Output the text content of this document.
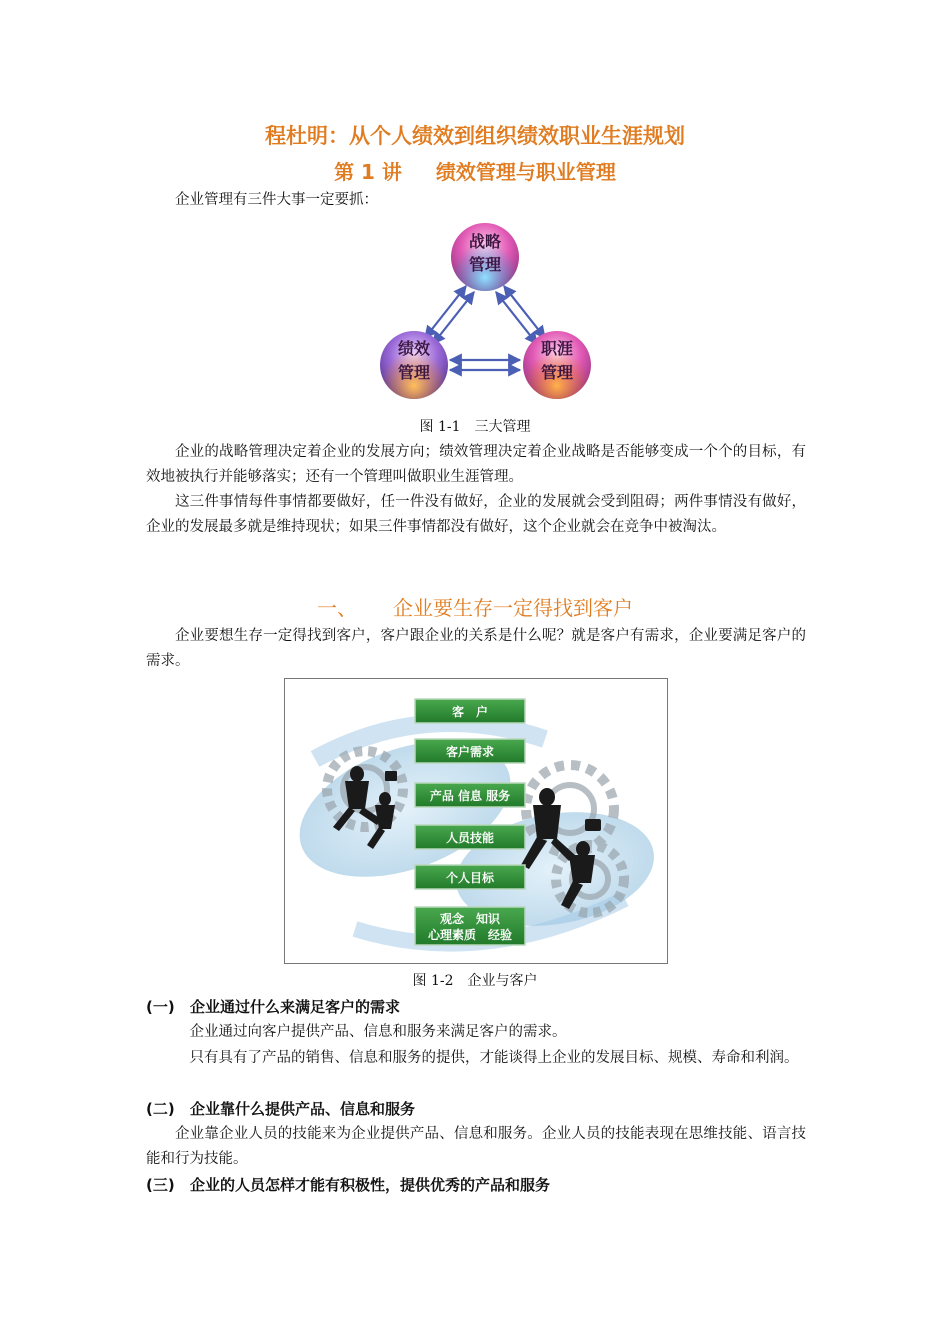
程杜明：从个人绩效到组织绩效职业生涯规划
第 1 讲 绩效管理与职业管理

企业管理有三件大事一定要抓：

战略
管理
绩效
管理
职涯
管理
图 1-1　三大管理

企业的战略管理决定着企业的发展方向；绩效管理决定着企业战略是否能够变成一个个的目标，有效地被执行并能够落实；还有一个管理叫做职业生涯管理。

这三件事情每件事情都要做好，任一件没有做好，企业的发展就会受到阻碍；两件事情没有做好，企业的发展最多就是维持现状；如果三件事情都没有做好，这个企业就会在竞争中被淘汰。

一、 企业要生存一定得找到客户

企业要想生存一定得找到客户，客户跟企业的关系是什么呢？就是客户有需求，企业要满足客户的需求。

客　户
客户需求
产品 信息 服务
人员技能
个人目标
观念　知识
心理素质　经验
图 1-2　企业与客户
(一) 企业通过什么来满足客户的需求

企业通过向客户提供产品、信息和服务来满足客户的需求。

只有具有了产品的销售、信息和服务的提供，才能谈得上企业的发展目标、规模、寿命和利润。

(二) 企业靠什么提供产品、信息和服务

企业靠企业人员的技能来为企业提供产品、信息和服务。企业人员的技能表现在思维技能、语言技能和行为技能。

(三) 企业的人员怎样才能有积极性，提供优秀的产品和服务
